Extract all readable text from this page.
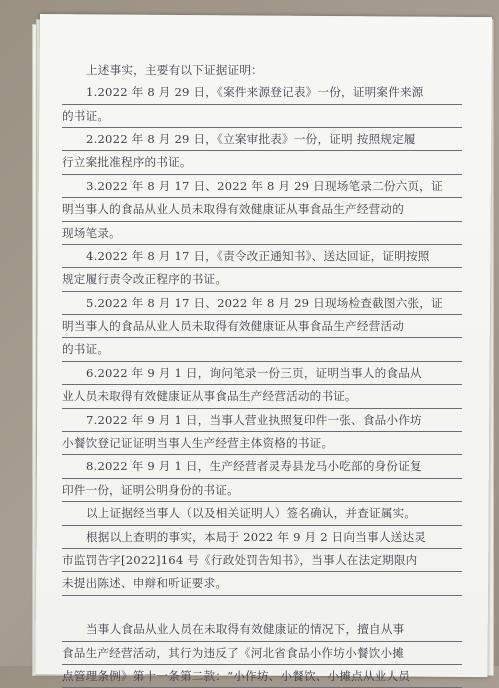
上述事实，主要有以下证据证明：
1.2022 年 8 月 29 日，《案件来源登记表》一份，证明案件来源
的书证。
2.2022 年 8 月 29 日，《立案审批表》一份，证明 按照规定履
行立案批准程序的书证。
3.2022 年 8 月 17 日、2022 年 8 月 29 日现场笔录二份六页，证
明当事人的食品从业人员未取得有效健康证从事食品生产经营动的
现场笔录。
4.2022 年 8 月 17 日，《责令改正通知书》、送达回证，证明按照
规定履行责令改正程序的书证。
5.2022 年 8 月 17 日、2022 年 8 月 29 日现场检查截图六张，证
明当事人的食品从业人员未取得有效健康证从事食品生产经营活动
的书证。
6.2022 年 9 月 1 日，询问笔录一份三页，证明当事人的食品从
业人员未取得有效健康证从事食品生产经营活动的书证。
7.2022 年 9 月 1 日，当事人营业执照复印件一张、食品小作坊
小餐饮登记证证明当事人生产经营主体资格的书证。
8.2022 年 9 月 1 日，生产经营者灵寿县龙马小吃部的身份证复
印件一份，证明公明身份的书证。
以上证据经当事人（以及相关证明人）签名确认，并查证属实。
根据以上查明的事实，本局于 2022 年 9 月 2 日向当事人送达灵
市监罚告字[2022]164 号《行政处罚告知书》，当事人在法定期限内
未提出陈述、申辩和听证要求。
当事人食品从业人员在未取得有效健康证的情况下，擅自从事
食品生产经营活动，其行为违反了《河北省食品小作坊小餐饮小摊
点管理条例》第十一条第二款：“小作坊、小餐饮、小摊点从业人员
